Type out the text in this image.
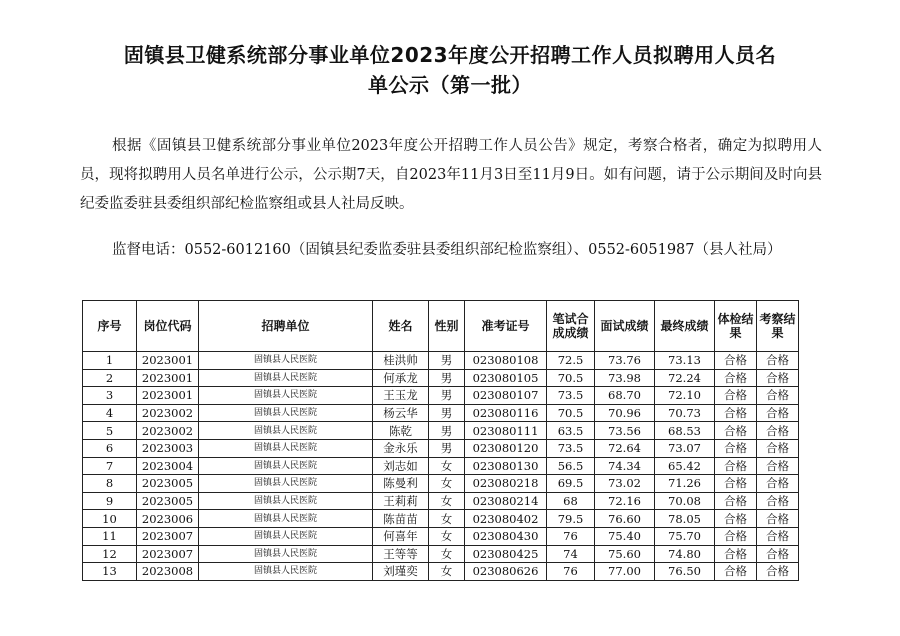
固镇县卫健系统部分事业单位2023年度公开招聘工作人员拟聘用人员名
单公示（第一批）
根据《固镇县卫健系统部分事业单位2023年度公开招聘工作人员公告》规定，考察合格者，确定为拟聘用人员，现将拟聘用人员名单进行公示，公示期7天，自2023年11月3日至11月9日。如有问题，请于公示期间及时向县纪委监委驻县委组织部纪检监察组或县人社局反映。
监督电话：0552-6012160（固镇县纪委监委驻县委组织部纪检监察组）、0552-6051987（县人社局）
序号	岗位代码	招聘单位	姓名	性别	准考证号	笔试合成成绩	面试成绩	最终成绩	体检结果	考察结果
1	2023001	固镇县人民医院	桂洪帅	男	023080108	72.5	73.76	73.13	合格	合格
2	2023001	固镇县人民医院	何承龙	男	023080105	70.5	73.98	72.24	合格	合格
3	2023001	固镇县人民医院	王玉龙	男	023080107	73.5	68.70	72.10	合格	合格
4	2023002	固镇县人民医院	杨云华	男	023080116	70.5	70.96	70.73	合格	合格
5	2023002	固镇县人民医院	陈乾	男	023080111	63.5	73.56	68.53	合格	合格
6	2023003	固镇县人民医院	金永乐	男	023080120	73.5	72.64	73.07	合格	合格
7	2023004	固镇县人民医院	刘志如	女	023080130	56.5	74.34	65.42	合格	合格
8	2023005	固镇县人民医院	陈曼利	女	023080218	69.5	73.02	71.26	合格	合格
9	2023005	固镇县人民医院	王莉莉	女	023080214	68	72.16	70.08	合格	合格
10	2023006	固镇县人民医院	陈苗苗	女	023080402	79.5	76.60	78.05	合格	合格
11	2023007	固镇县人民医院	何喜年	女	023080430	76	75.40	75.70	合格	合格
12	2023007	固镇县人民医院	王等等	女	023080425	74	75.60	74.80	合格	合格
13	2023008	固镇县人民医院	刘瑾奕	女	023080626	76	77.00	76.50	合格	合格
